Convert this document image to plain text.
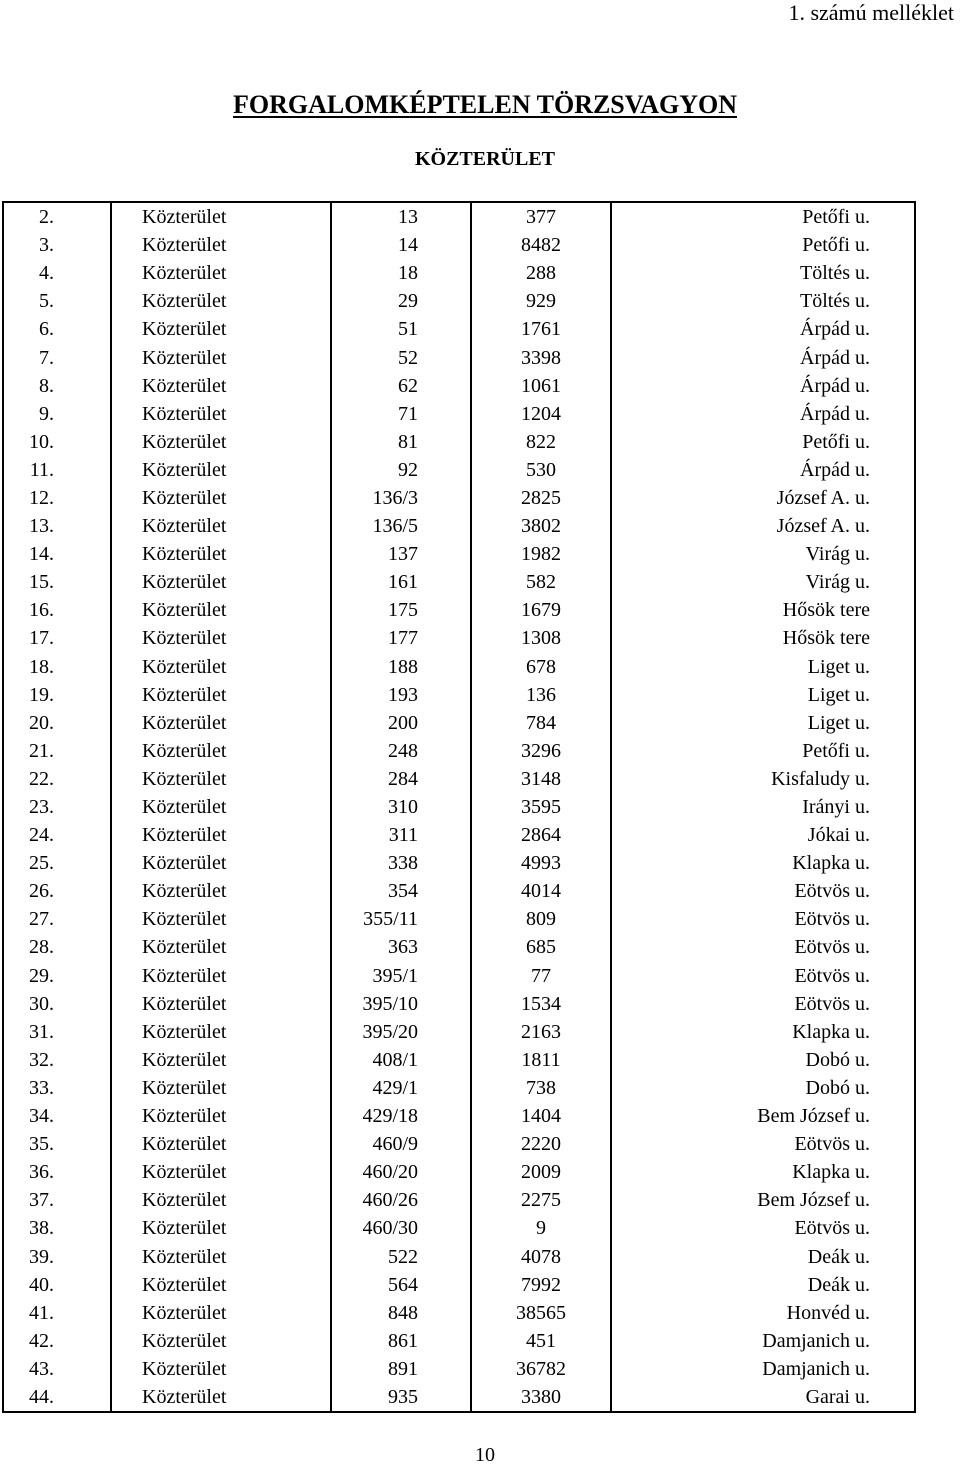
1. számú melléklet
FORGALOMKÉPTELEN TÖRZSVAGYON
KÖZTERÜLET
2.	Közterület	13	377	Petőfi u.
3.	Közterület	14	8482	Petőfi u.
4.	Közterület	18	288	Töltés u.
5.	Közterület	29	929	Töltés u.
6.	Közterület	51	1761	Árpád u.
7.	Közterület	52	3398	Árpád u.
8.	Közterület	62	1061	Árpád u.
9.	Közterület	71	1204	Árpád u.
10.	Közterület	81	822	Petőfi u.
11.	Közterület	92	530	Árpád u.
12.	Közterület	136/3	2825	József A. u.
13.	Közterület	136/5	3802	József A. u.
14.	Közterület	137	1982	Virág u.
15.	Közterület	161	582	Virág u.
16.	Közterület	175	1679	Hősök tere
17.	Közterület	177	1308	Hősök tere
18.	Közterület	188	678	Liget u.
19.	Közterület	193	136	Liget u.
20.	Közterület	200	784	Liget u.
21.	Közterület	248	3296	Petőfi u.
22.	Közterület	284	3148	Kisfaludy u.
23.	Közterület	310	3595	Irányi u.
24.	Közterület	311	2864	Jókai u.
25.	Közterület	338	4993	Klapka u.
26.	Közterület	354	4014	Eötvös u.
27.	Közterület	355/11	809	Eötvös u.
28.	Közterület	363	685	Eötvös u.
29.	Közterület	395/1	77	Eötvös u.
30.	Közterület	395/10	1534	Eötvös u.
31.	Közterület	395/20	2163	Klapka u.
32.	Közterület	408/1	1811	Dobó u.
33.	Közterület	429/1	738	Dobó u.
34.	Közterület	429/18	1404	Bem József u.
35.	Közterület	460/9	2220	Eötvös u.
36.	Közterület	460/20	2009	Klapka u.
37.	Közterület	460/26	2275	Bem József u.
38.	Közterület	460/30	9	Eötvös u.
39.	Közterület	522	4078	Deák u.
40.	Közterület	564	7992	Deák u.
41.	Közterület	848	38565	Honvéd u.
42.	Közterület	861	451	Damjanich u.
43.	Közterület	891	36782	Damjanich u.
44.	Közterület	935	3380	Garai u.
10
